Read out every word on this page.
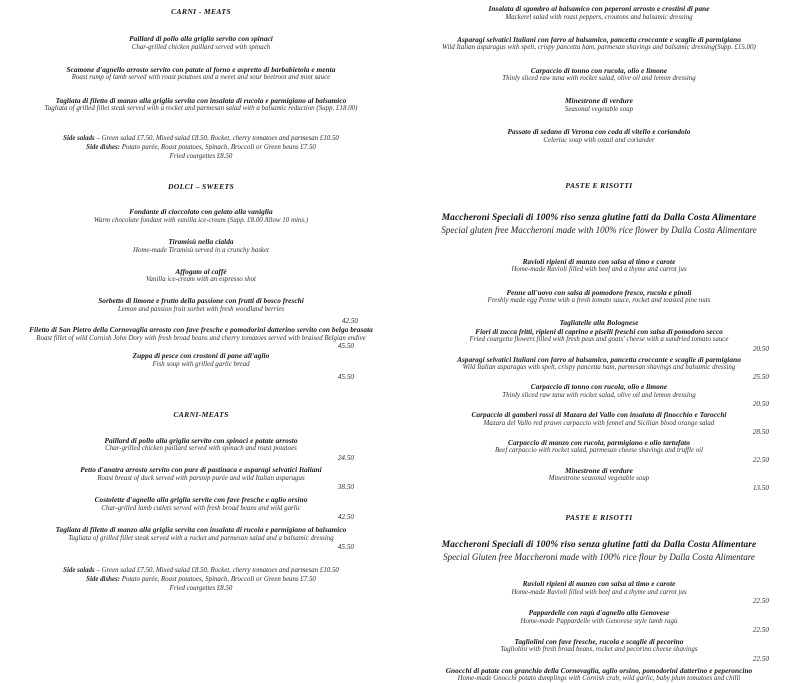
CARNI - MEATS
Paillard di pollo alla griglia servito con spinaci
Char-grilled chicken paillard served with spinach
Scamone d'agnello arrosto servito con patate al forno e aspretto di barbabietola e menta
Roast rump of lamb served with roast potatoes and a sweet and sour beetroot and mint sauce
Tagliata di filetto di manzo alla griglia servita con insalata di rucola e parmigiano al balsamico
Tagliata of grilled fillet steak served with a rocket and parmesan salad with a balsamic reduction (Supp. £18.00)
Side salads – Green salad £7.50, Mixed salad £8.50, Rocket, cherry tomatoes and parmesan £10.50
Side dishes: Potato purée, Roast potatoes, Spinach, Broccoli or Green beans £7.50
Fried courgettes £8.50
DOLCI – SWEETS
Fondante di cioccolato con gelato alla vaniglia
Warm chocolate fondant with vanilla ice-cream (Supp. £8.00 Allow 10 mins.)
Tiramisù nella cialda
Home-made Tiramisù served in a crunchy basket
Affogato al caffè
Vanilla ice-cream with an espresso shot
Sorbetto di limone e frutto della passione con frutti di bosco freschi
Lemon and passion fruit sorbet with fresh woodland berries
42.50
Filetto di San Pietro della Cornovaglia arrosto con fave fresche e pomodorini datterino servito con belga brasata
Roast fillet of wild Cornish John Dory with fresh broad beans and cherry tomatoes served with braised Belgian endive
45.50
Zuppa di pesce con crostoni di pane all'aglio
Fish soup with grilled garlic bread
45.50
CARNI-MEATS
Paillard di pollo alla griglia servito con spinaci e patate arrosto
Char-grilled chicken paillard served with spinach and roast potatoes
24.50
Petto d'anatra arrosto servito con pure di pastinaca e asparagi selvatici Italiani
Roast breast of duck served with parsnip purée and wild Italian asparagus
38.50
Costolette d'agnello alla griglia servite con fave fresche e aglio orsino
Char-grilled lamb cutlets served with fresh broad beans and wild garlic
42.50
Tagliata di filetto di manzo alla griglia servita con insalata di rucola e parmigiano al balsamico
Tagliata of grilled fillet steak served with a rocket and parmesan salad and a balsamic dressing
45.50
Side salads – Green salad £7.50, Mixed salad £8.50, Rocket, cherry tomatoes and parmesan £10.50
Side dishes: Potato purée, Roast potatoes, Spinach, Broccoli or Green beans £7.50
Fried courgettes £8.50
Insalata di sgombro al balsamico con peperoni arrosto e crostini di pane
Mackerel salad with roast peppers, croutons and balsamic dressing
Asparagi selvatici Italiani con farro al balsamico, pancetta croccante e scaglie di parmigiano
Wild Italian asparagus with spelt, crispy pancetta ham, parmesan shavings and balsamic dressing(Supp. £15.00)
Carpaccio di tonno con rucola, olio e limone
Thinly sliced raw tuna with rocket salad, olive oil and lemon dressing
Minestrone di verdure
Seasonal vegetable soup
Passato di sedano di Verona con coda di vitello e coriandolo
Celeriac soup with oxtail and coriander
PASTE E RISOTTI
Maccheroni Speciali di 100% riso senza glutine fatti da Dalla Costa Alimentare
Special gluten free Maccheroni made with 100% rice flower by Dalla Costa Alimentare
Ravioli ripieni di manzo con salsa al timo e carote
Home-made Ravioli filled with beef and a thyme and carrot jus
Penne all'uovo con salsa di pomodoro fresco, rucola e pinoli
Freshly made egg Penne with a fresh tomato sauce, rocket and toasted pine nuts
Tagliatelle alla Bolognese
Fiori di zucca fritti, ripieni di caprino e piselli freschi con salsa di pomodoro secco
Fried courgette flowers filled with fresh peas and goats' cheese with a sundried tomato sauce
20.50
Asparagi selvatici Italiani con farro al balsamico, pancetta croccante e scaglie di parmigiano
Wild Italian asparagus with spelt, crispy pancetta ham, parmesan shavings and balsamic dressing
25.50
Carpaccio di tonno con rucola, olio e limone
Thinly sliced raw tuna with rocket salad, olive oil and lemon dressing
20.50
Carpaccio di gamberi rossi di Mazara del Vallo con insalata di finocchio e Tarocchi
Mazara del Vallo red prawn carpaccio with fennel and Sicilian blood orange salad
28.50
Carpaccio di manzo con rucola, parmigiano e olio tartufato
Beef carpaccio with rocket salad, parmesan cheese shavings and truffle oil
22.50
Minestrone di verdure
Minestrone seasonal vegetable soup
13.50
PASTE E RISOTTI
Maccheroni Speciali di 100% riso senza glutine fatti da Dalla Costa Alimentare
Special Gluten free Maccheroni made with 100% rice flour by Dalla Costa Alimentare
Ravioli ripieni di manzo con salsa al timo e carote
Home-made Ravioli filled with beef and a thyme and carrot jus
22.50
Pappardelle con ragù d'agnello alla Genovese
Home-made Pappardelle with Genovese style lamb ragù
22.50
Tagliolini con fave fresche, rucola e scaglie di pecorino
Tagliolini with fresh broad beans, rocket and pecorino cheese shavings
22.50
Gnocchi di patate con granchio della Cornovaglia, aglio orsino, pomodorini datterino e peperoncino
Home-made Gnocchi potato dumplings with Cornish crab, wild garlic, baby plum tomatoes and chilli
